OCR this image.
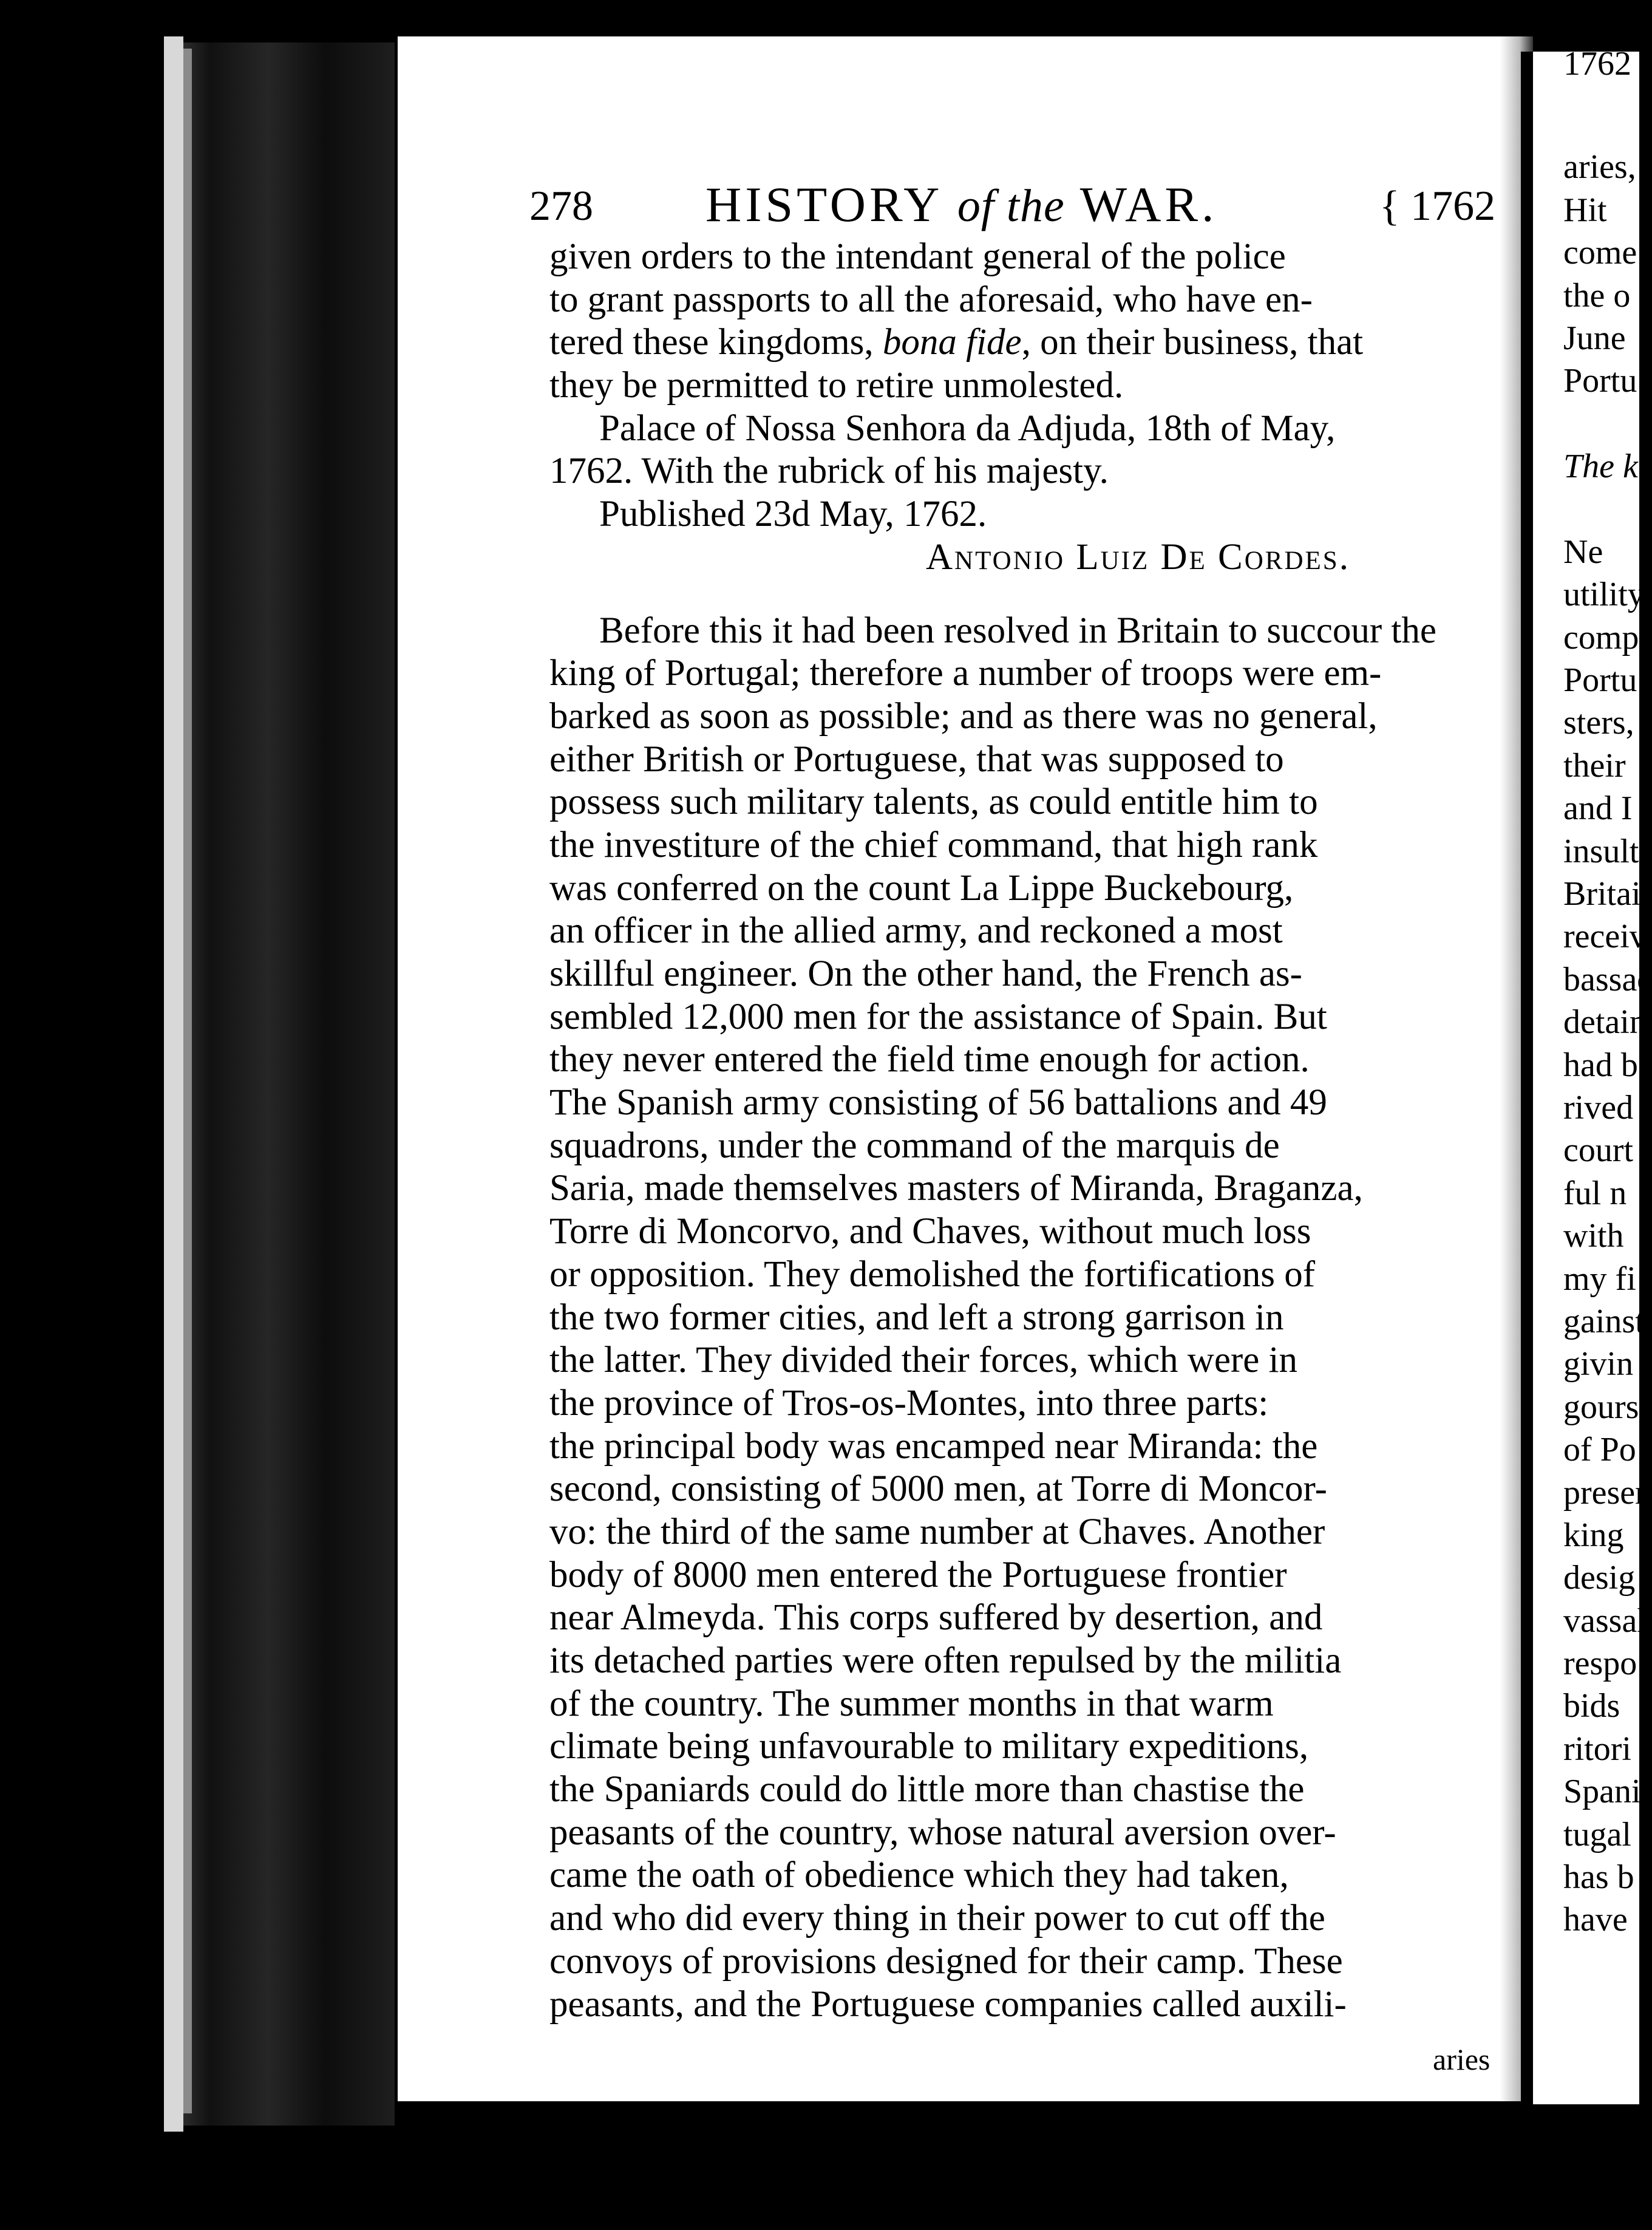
278 HISTORY of the WAR.	{ 1762
given orders to the intendant general of the police
to grant passports to all the aforesaid, who have en-
tered these kingdoms, bona fide, on their business, that
they be permitted to retire unmolested.
Palace of Nossa Senhora da Adjuda, 18th of May,
1762. With the rubrick of his majesty.
Published 23d May, 1762.
Antonio Luiz De Cordes.
Before this it had been resolved in Britain to succour the
king of Portugal; therefore a number of troops were em-
barked as soon as possible; and as there was no general,
either British or Portuguese, that was supposed to
possess such military talents, as could entitle him to
the investiture of the chief command, that high rank
was conferred on the count La Lippe Buckebourg,
an officer in the allied army, and reckoned a most
skillful engineer. On the other hand, the French as-
sembled 12,000 men for the assistance of Spain. But
they never entered the field time enough for action.
The Spanish army consisting of 56 battalions and 49
squadrons, under the command of the marquis de
Saria, made themselves masters of Miranda, Braganza,
Torre di Moncorvo, and Chaves, without much loss
or opposition. They demolished the fortifications of
the two former cities, and left a strong garrison in
the latter. They divided their forces, which were in
the province of Tros-os-Montes, into three parts:
the principal body was encamped near Miranda: the
second, consisting of 5000 men, at Torre di Moncor-
vo: the third of the same number at Chaves. Another
body of 8000 men entered the Portuguese frontier
near Almeyda. This corps suffered by desertion, and
its detached parties were often repulsed by the militia
of the country. The summer months in that warm
climate being unfavourable to military expeditions,
the Spaniards could do little more than chastise the
peasants of the country, whose natural aversion over-
came the oath of obedience which they had taken,
and who did every thing in their power to cut off the
convoys of provisions designed for their camp. These
peasants, and the Portuguese companies called auxili-
aries
1762
aries,
Hit
come
the o
June
Portu
The k
Ne
utility
comp
Portu
sters,
their
and I
insult
Britai
receiv
bassac
detain
had b
rived
court
ful n
with
my fi
gainst
givin
gours
of Po
preser
king
desig
vassal
respo
bids
ritori
Spani
tugal
has b
have
